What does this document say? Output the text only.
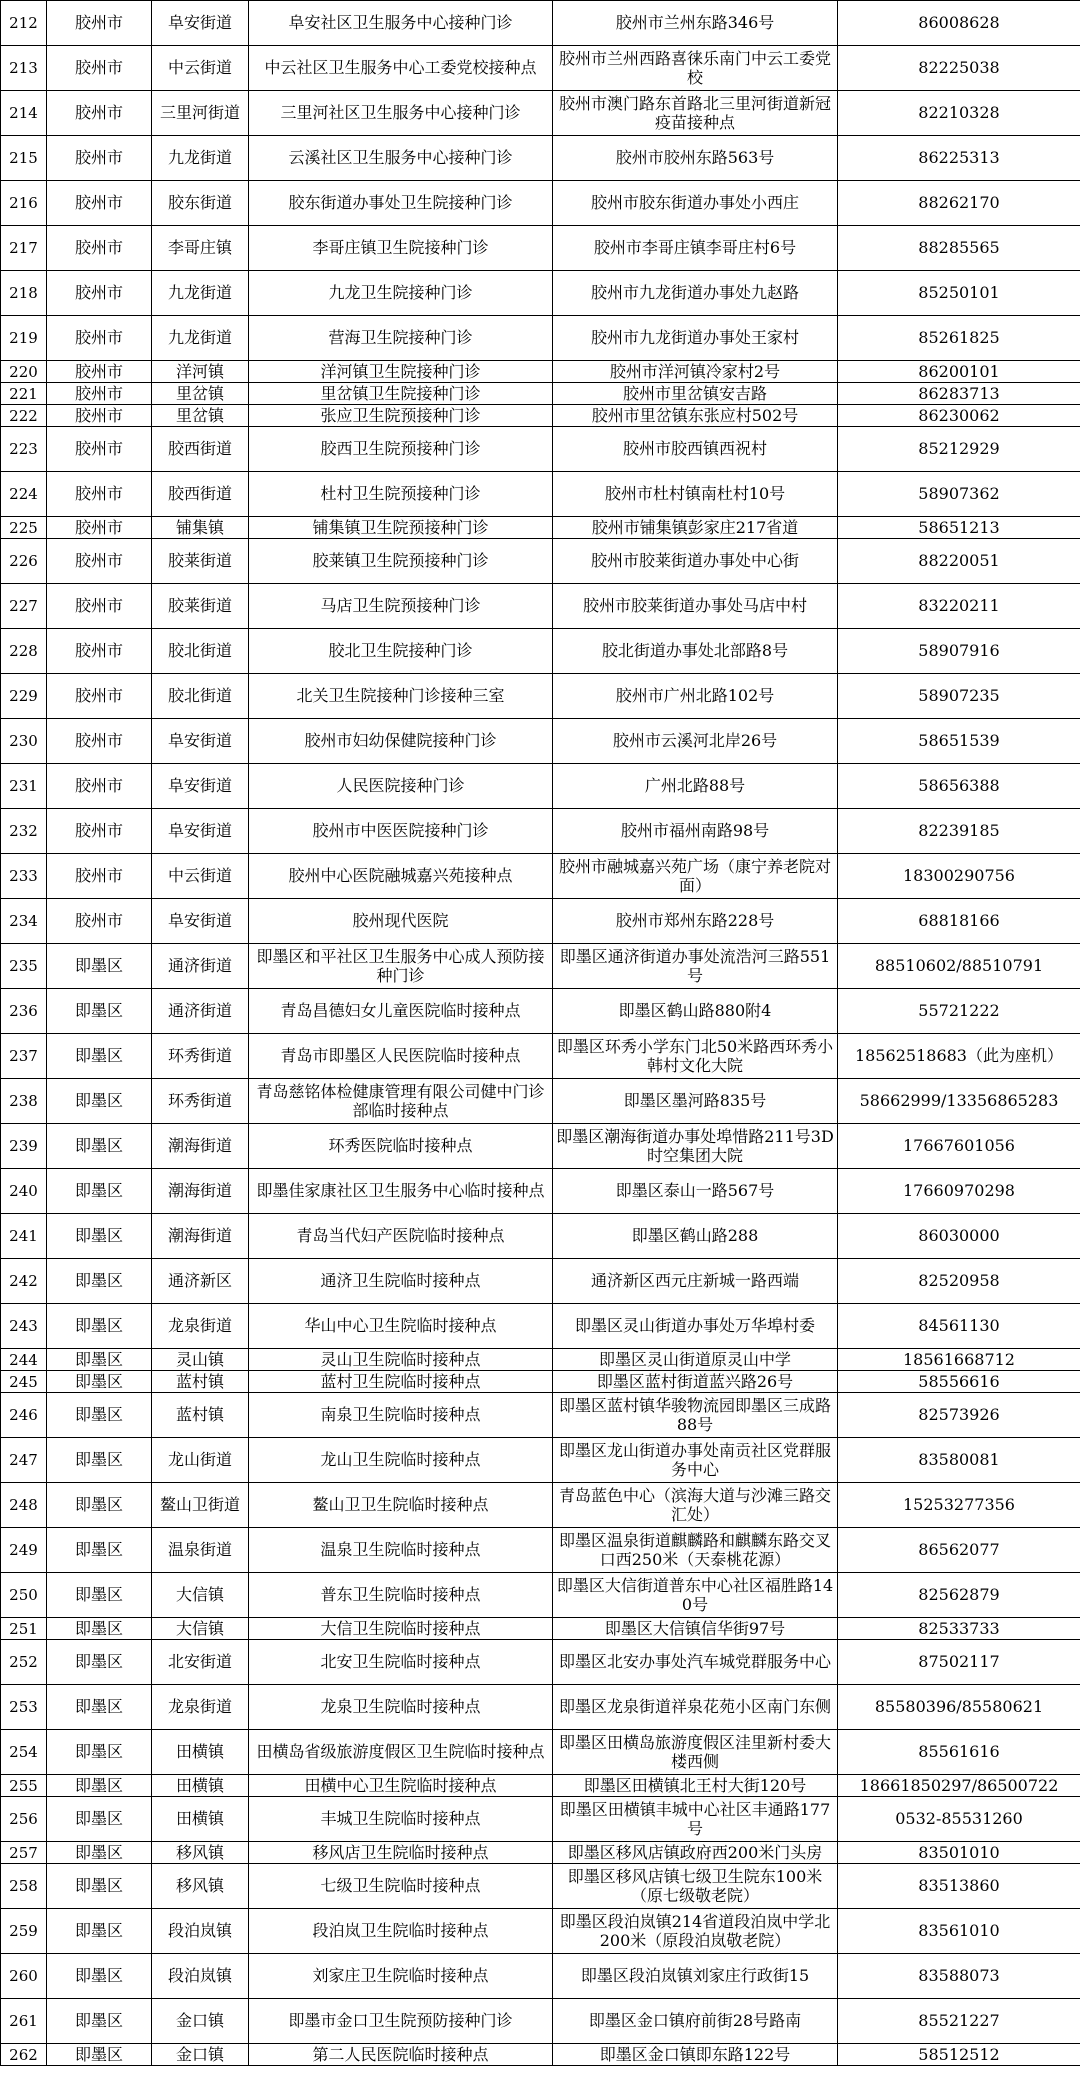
212	胶州市	阜安街道	阜安社区卫生服务中心接种门诊	胶州市兰州东路346号	86008628
213	胶州市	中云街道	中云社区卫生服务中心工委党校接种点	胶州市兰州西路喜徕乐南门中云工委党校	82225038
214	胶州市	三里河街道	三里河社区卫生服务中心接种门诊	胶州市澳门路东首路北三里河街道新冠疫苗接种点	82210328
215	胶州市	九龙街道	云溪社区卫生服务中心接种门诊	胶州市胶州东路563号	86225313
216	胶州市	胶东街道	胶东街道办事处卫生院接种门诊	胶州市胶东街道办事处小西庄	88262170
217	胶州市	李哥庄镇	李哥庄镇卫生院接种门诊	胶州市李哥庄镇李哥庄村6号	88285565
218	胶州市	九龙街道	九龙卫生院接种门诊	胶州市九龙街道办事处九赵路	85250101
219	胶州市	九龙街道	营海卫生院接种门诊	胶州市九龙街道办事处王家村	85261825
220	胶州市	洋河镇	洋河镇卫生院接种门诊	胶州市洋河镇冷家村2号	86200101
221	胶州市	里岔镇	里岔镇卫生院接种门诊	胶州市里岔镇安吉路	86283713
222	胶州市	里岔镇	张应卫生院预接种门诊	胶州市里岔镇东张应村502号	86230062
223	胶州市	胶西街道	胶西卫生院预接种门诊	胶州市胶西镇西祝村	85212929
224	胶州市	胶西街道	杜村卫生院预接种门诊	胶州市杜村镇南杜村10号	58907362
225	胶州市	铺集镇	铺集镇卫生院预接种门诊	胶州市铺集镇彭家庄217省道	58651213
226	胶州市	胶莱街道	胶莱镇卫生院预接种门诊	胶州市胶莱街道办事处中心街	88220051
227	胶州市	胶莱街道	马店卫生院预接种门诊	胶州市胶莱街道办事处马店中村	83220211
228	胶州市	胶北街道	胶北卫生院接种门诊	胶北街道办事处北部路8号	58907916
229	胶州市	胶北街道	北关卫生院接种门诊接种三室	胶州市广州北路102号	58907235
230	胶州市	阜安街道	胶州市妇幼保健院接种门诊	胶州市云溪河北岸26号	58651539
231	胶州市	阜安街道	人民医院接种门诊	广州北路88号	58656388
232	胶州市	阜安街道	胶州市中医医院接种门诊	胶州市福州南路98号	82239185
233	胶州市	中云街道	胶州中心医院融城嘉兴苑接种点	胶州市融城嘉兴苑广场（康宁养老院对面）	18300290756
234	胶州市	阜安街道	胶州现代医院	胶州市郑州东路228号	68818166
235	即墨区	通济街道	即墨区和平社区卫生服务中心成人预防接种门诊	即墨区通济街道办事处流浩河三路551号	88510602/88510791
236	即墨区	通济街道	青岛昌德妇女儿童医院临时接种点	即墨区鹤山路880附4	55721222
237	即墨区	环秀街道	青岛市即墨区人民医院临时接种点	即墨区环秀小学东门北50米路西环秀小韩村文化大院	18562518683（此为座机）
238	即墨区	环秀街道	青岛慈铭体检健康管理有限公司健中门诊部临时接种点	即墨区墨河路835号	58662999/13356865283
239	即墨区	潮海街道	环秀医院临时接种点	即墨区潮海街道办事处埠惜路211号3D时空集团大院	17667601056
240	即墨区	潮海街道	即墨佳家康社区卫生服务中心临时接种点	即墨区泰山一路567号	17660970298
241	即墨区	潮海街道	青岛当代妇产医院临时接种点	即墨区鹤山路288	86030000
242	即墨区	通济新区	通济卫生院临时接种点	通济新区西元庄新城一路西端	82520958
243	即墨区	龙泉街道	华山中心卫生院临时接种点	即墨区灵山街道办事处万华埠村委	84561130
244	即墨区	灵山镇	灵山卫生院临时接种点	即墨区灵山街道原灵山中学	18561668712
245	即墨区	蓝村镇	蓝村卫生院临时接种点	即墨区蓝村街道蓝兴路26号	58556616
246	即墨区	蓝村镇	南泉卫生院临时接种点	即墨区蓝村镇华骏物流园即墨区三成路88号	82573926
247	即墨区	龙山街道	龙山卫生院临时接种点	即墨区龙山街道办事处南贡社区党群服务中心	83580081
248	即墨区	鳌山卫街道	鳌山卫卫生院临时接种点	青岛蓝色中心（滨海大道与沙滩三路交汇处）	15253277356
249	即墨区	温泉街道	温泉卫生院临时接种点	即墨区温泉街道麒麟路和麒麟东路交叉口西250米（天泰桃花源）	86562077
250	即墨区	大信镇	普东卫生院临时接种点	即墨区大信街道普东中心社区福胜路140号	82562879
251	即墨区	大信镇	大信卫生院临时接种点	即墨区大信镇信华街97号	82533733
252	即墨区	北安街道	北安卫生院临时接种点	即墨区北安办事处汽车城党群服务中心	87502117
253	即墨区	龙泉街道	龙泉卫生院临时接种点	即墨区龙泉街道祥泉花苑小区南门东侧	85580396/85580621
254	即墨区	田横镇	田横岛省级旅游度假区卫生院临时接种点	即墨区田横岛旅游度假区洼里新村委大楼西侧	85561616
255	即墨区	田横镇	田横中心卫生院临时接种点	即墨区田横镇北王村大街120号	18661850297/86500722
256	即墨区	田横镇	丰城卫生院临时接种点	即墨区田横镇丰城中心社区丰通路177号	0532-85531260
257	即墨区	移风镇	移风店卫生院临时接种点	即墨区移风店镇政府西200米门头房	83501010
258	即墨区	移风镇	七级卫生院临时接种点	即墨区移风店镇七级卫生院东100米（原七级敬老院）	83513860
259	即墨区	段泊岚镇	段泊岚卫生院临时接种点	即墨区段泊岚镇214省道段泊岚中学北200米（原段泊岚敬老院）	83561010
260	即墨区	段泊岚镇	刘家庄卫生院临时接种点	即墨区段泊岚镇刘家庄行政街15	83588073
261	即墨区	金口镇	即墨市金口卫生院预防接种门诊	即墨区金口镇府前街28号路南	85521227
262	即墨区	金口镇	第二人民医院临时接种点	即墨区金口镇即东路122号	58512512
